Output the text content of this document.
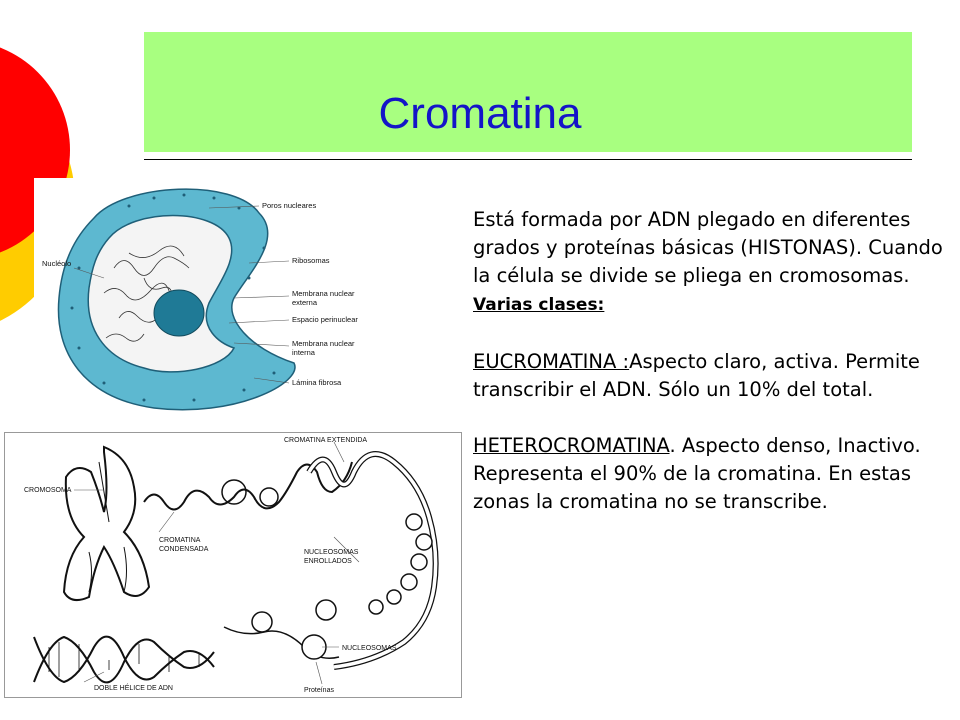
Cromatina
Poros nucleares
Nucléolo	Ribosomas
Membrana nuclear
externa
Espacio perinuclear
Membrana nuclear
interna
Lámina fibrosa
CROMATINA EXTENDIDA
CROMOSOMA
CROMATINA
CONDENSADA	NUCLEOSOMAS
ENROLLADOS
NUCLEOSOMAS
DOBLE HÉLICE DE ADN	Proteínas

Está formada por ADN plegado en diferentes grados y proteínas básicas (HISTONAS). Cuando la célula se divide se pliega en cromosomas.

Varias clases:

EUCROMATINA :Aspecto claro, activa. Permite transcribir el ADN. Sólo un 10% del total.

HETEROCROMATINA. Aspecto denso, Inactivo. Representa el 90% de la cromatina. En estas zonas la cromatina no se transcribe.
